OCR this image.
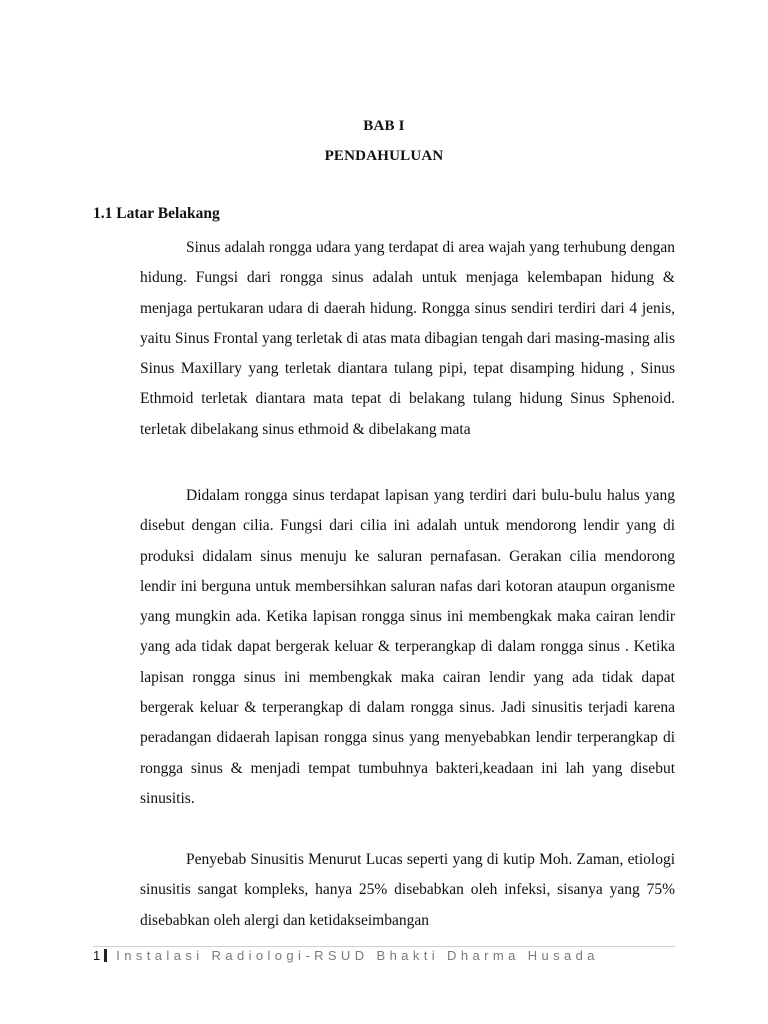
BAB I
PENDAHULUAN
1.1 Latar Belakang

Sinus adalah rongga udara yang terdapat di area wajah yang terhubung dengan hidung. Fungsi dari rongga sinus adalah untuk menjaga kelembapan hidung & menjaga pertukaran udara di daerah hidung. Rongga sinus sendiri terdiri dari 4 jenis, yaitu Sinus Frontal yang terletak di atas mata dibagian tengah dari masing-masing alis Sinus Maxillary yang terletak diantara tulang pipi, tepat disamping hidung , Sinus Ethmoid terletak diantara mata tepat di belakang tulang hidung Sinus Sphenoid. terletak dibelakang sinus ethmoid & dibelakang mata

Didalam rongga sinus terdapat lapisan yang terdiri dari bulu-bulu halus yang disebut dengan cilia. Fungsi dari cilia ini adalah untuk mendorong lendir yang di produksi didalam sinus menuju ke saluran pernafasan. Gerakan cilia mendorong lendir ini berguna untuk membersihkan saluran nafas dari kotoran ataupun organisme yang mungkin ada. Ketika lapisan rongga sinus ini membengkak maka cairan lendir yang ada tidak dapat bergerak keluar & terperangkap di dalam rongga sinus . Ketika lapisan rongga sinus ini membengkak maka cairan lendir yang ada tidak dapat bergerak keluar & terperangkap di dalam rongga sinus. Jadi sinusitis terjadi karena peradangan didaerah lapisan rongga sinus yang menyebabkan lendir terperangkap di rongga sinus & menjadi tempat tumbuhnya bakteri,keadaan ini lah yang disebut sinusitis.

Penyebab Sinusitis Menurut Lucas seperti yang di kutip Moh. Zaman, etiologi sinusitis sangat kompleks, hanya 25% disebabkan oleh infeksi, sisanya yang 75% disebabkan oleh alergi dan ketidakseimbangan

1 Instalasi Radiologi-RSUD Bhakti Dharma Husada
